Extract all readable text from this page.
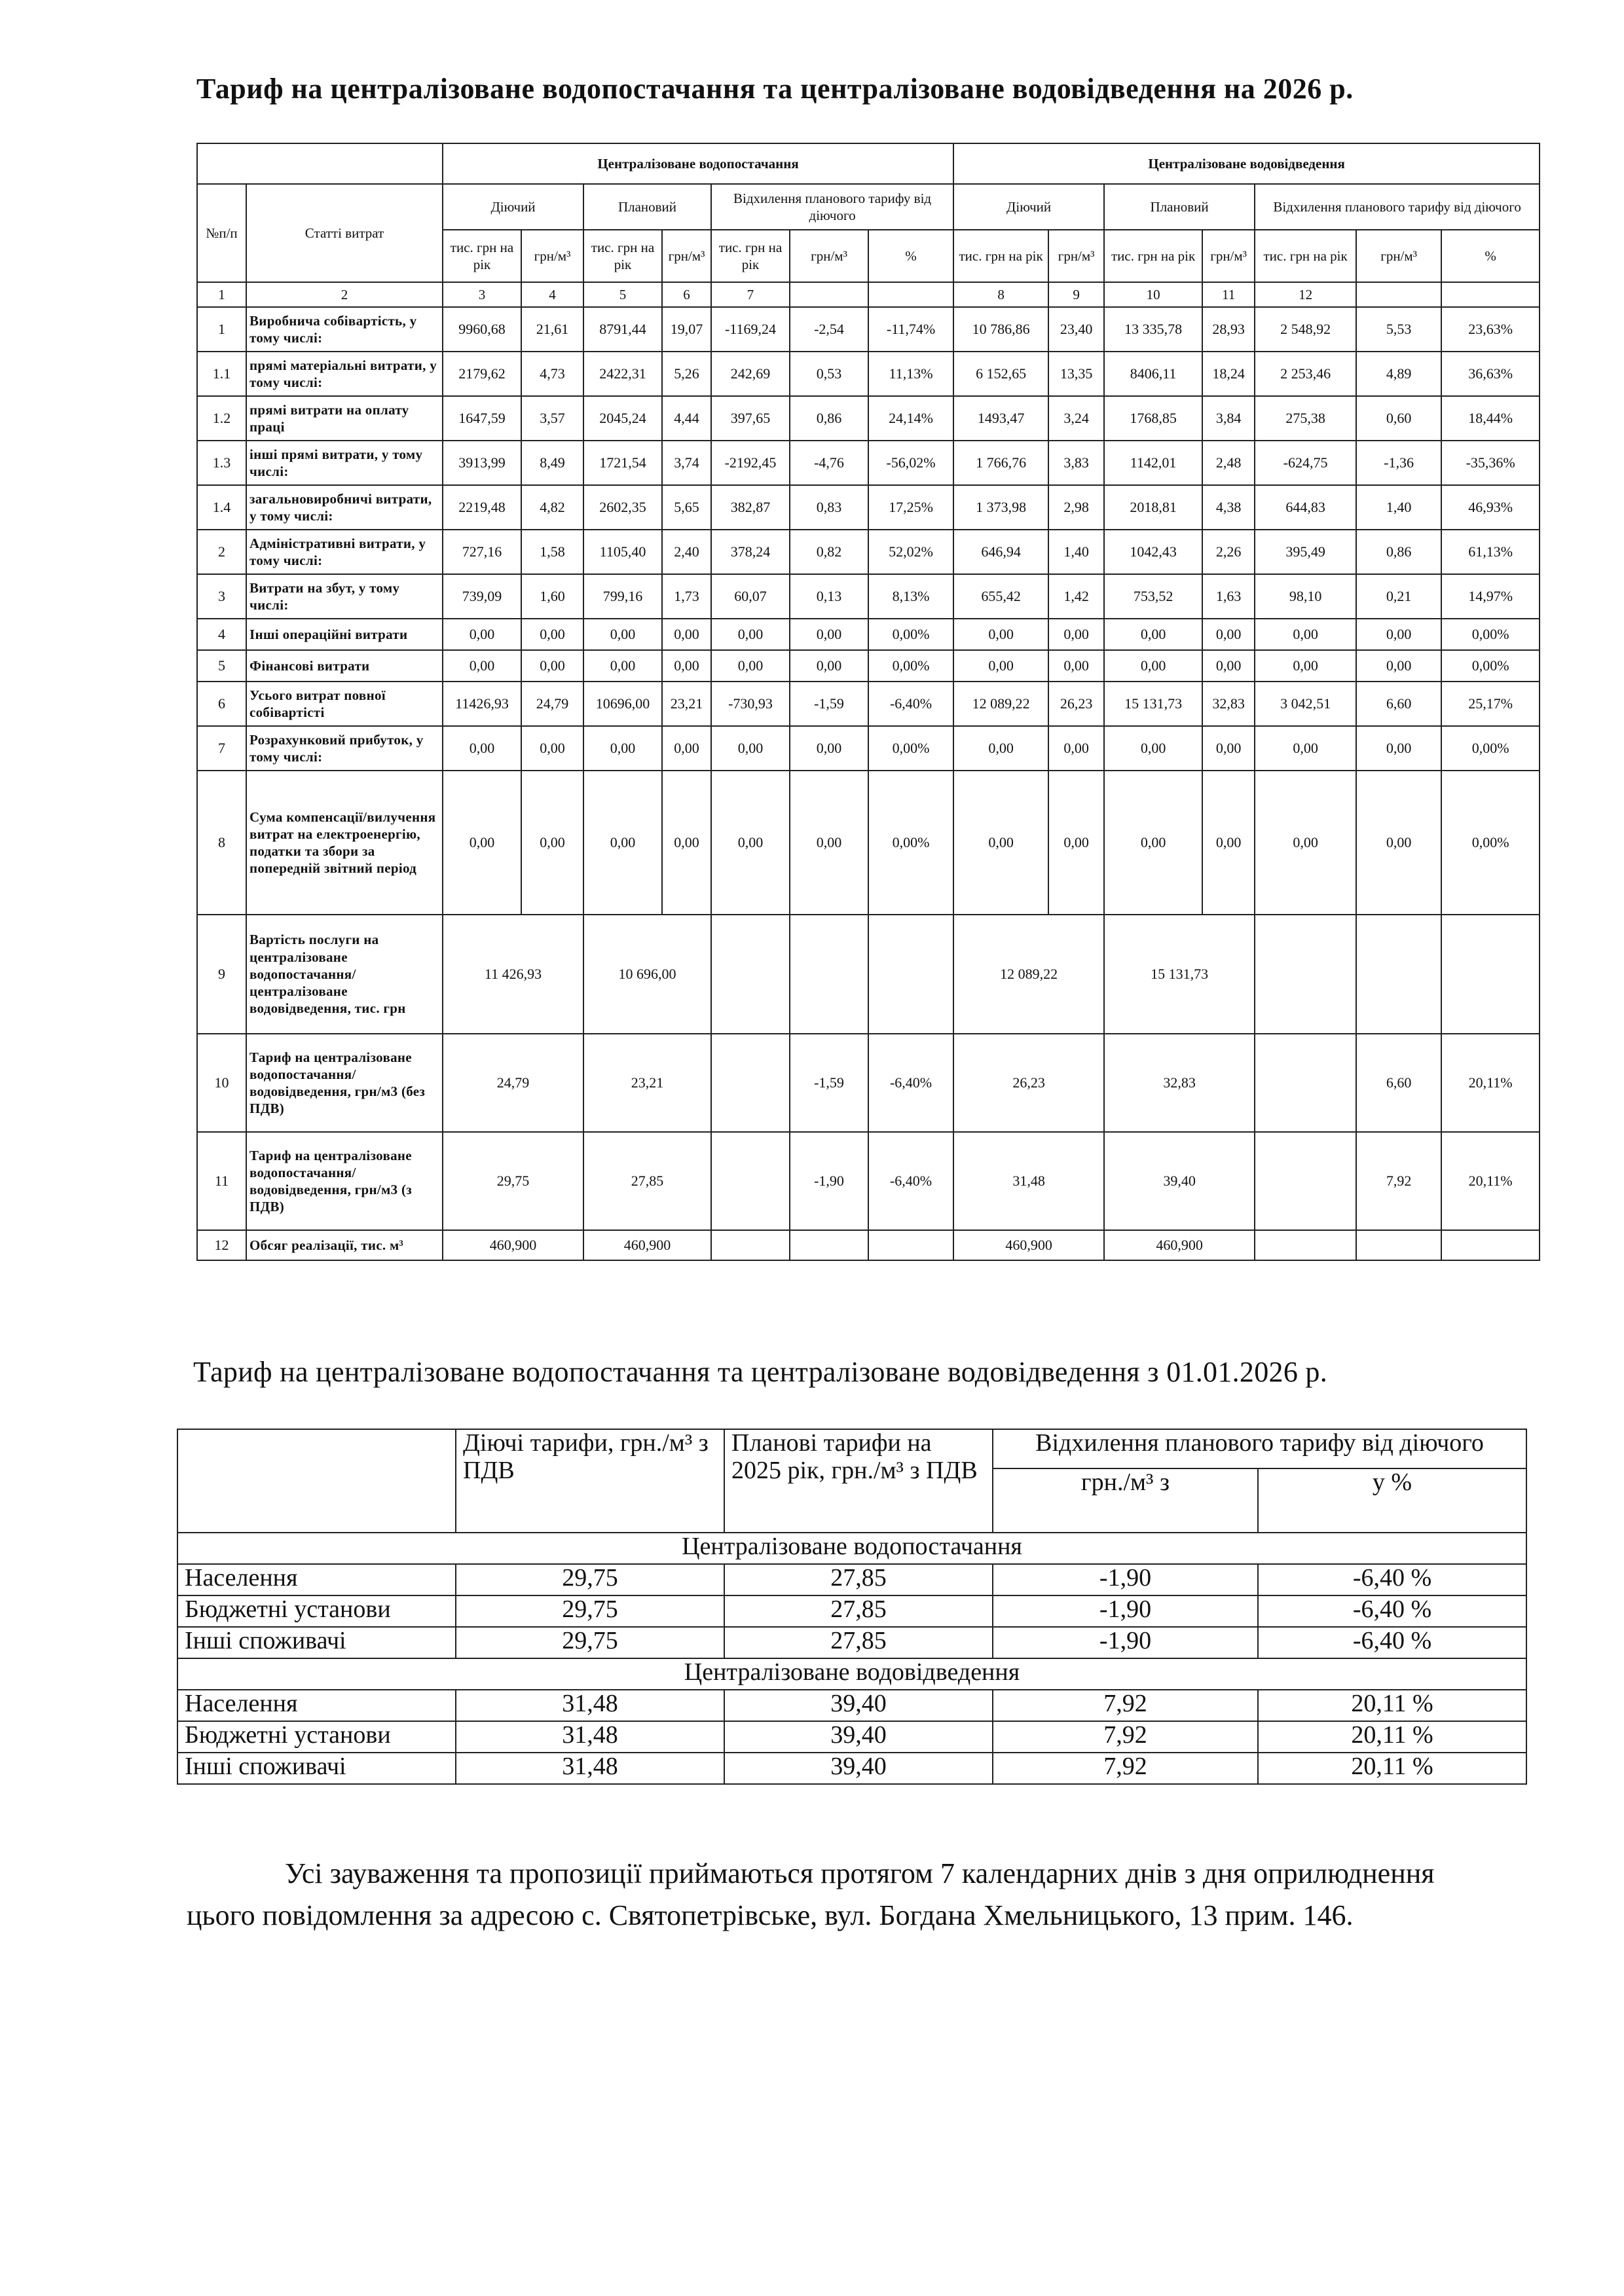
Тариф на централізоване водопостачання та централізоване водовідведення на 2026 р.
		Централізоване водопостачання							Централізоване водовідведення						
№п/п	Статті витрат	Діючий		Плановий		Відхилення планового тарифу від діючого			Діючий		Плановий		Відхилення планового тарифу від діючого		
		тис. грн на рік	грн/м³	тис. грн на рік	грн/м³	тис. грн на рік	грн/м³	%	тис. грн на рік	грн/м³	тис. грн на рік	грн/м³	тис. грн на рік	грн/м³	%
1	2	3	4	5	6	7			8	9	10	11	12		
1	Виробнича собівартість, у тому числі:	9960,68	21,61	8791,44	19,07	-1169,24	-2,54	-11,74%	10 786,86	23,40	13 335,78	28,93	2 548,92	5,53	23,63%
1.1	прямі матеріальні витрати, у тому числі:	2179,62	4,73	2422,31	5,26	242,69	0,53	11,13%	6 152,65	13,35	8406,11	18,24	2 253,46	4,89	36,63%
1.2	прямі витрати на оплату праці	1647,59	3,57	2045,24	4,44	397,65	0,86	24,14%	1493,47	3,24	1768,85	3,84	275,38	0,60	18,44%
1.3	інші прямі витрати, у тому числі:	3913,99	8,49	1721,54	3,74	-2192,45	-4,76	-56,02%	1 766,76	3,83	1142,01	2,48	-624,75	-1,36	-35,36%
1.4	загальновиробничі витрати, у тому числі:	2219,48	4,82	2602,35	5,65	382,87	0,83	17,25%	1 373,98	2,98	2018,81	4,38	644,83	1,40	46,93%
2	Адміністративні витрати, у тому числі:	727,16	1,58	1105,40	2,40	378,24	0,82	52,02%	646,94	1,40	1042,43	2,26	395,49	0,86	61,13%
3	Витрати на збут, у тому числі:	739,09	1,60	799,16	1,73	60,07	0,13	8,13%	655,42	1,42	753,52	1,63	98,10	0,21	14,97%
4	Інші операційні витрати	0,00	0,00	0,00	0,00	0,00	0,00	0,00%	0,00	0,00	0,00	0,00	0,00	0,00	0,00%
5	Фінансові витрати	0,00	0,00	0,00	0,00	0,00	0,00	0,00%	0,00	0,00	0,00	0,00	0,00	0,00	0,00%
6	Усього витрат повної собівартісті	11426,93	24,79	10696,00	23,21	-730,93	-1,59	-6,40%	12 089,22	26,23	15 131,73	32,83	3 042,51	6,60	25,17%
7	Розрахунковий прибуток, у тому числі:	0,00	0,00	0,00	0,00	0,00	0,00	0,00%	0,00	0,00	0,00	0,00	0,00	0,00	0,00%
8	Сума компенсації/вилучення витрат на електроенергію, податки та збори за попередній звітний період	0,00	0,00	0,00	0,00	0,00	0,00	0,00%	0,00	0,00	0,00	0,00	0,00	0,00	0,00%
9	Вартість послуги на централізоване водопостачання/централізоване водовідведення, тис. грн	11 426,93		10 696,00					12 089,22		15 131,73				
10	Тариф на централізоване водопостачання/водовідведення, грн/м3 (без ПДВ)	24,79		23,21			-1,59	-6,40%	26,23		32,83			6,60	20,11%
11	Тариф на централізоване водопостачання/водовідведення, грн/м3 (з ПДВ)	29,75		27,85			-1,90	-6,40%	31,48		39,40			7,92	20,11%
12	Обсяг реалізації, тис. м³	460,900		460,900					460,900		460,900				
Тариф на централізоване водопостачання та централізоване водовідведення з 01.01.2026 р.
	Діючі тарифи, грн./м³ з ПДВ	Планові тарифи на 2025 рік, грн./м³ з ПДВ	Відхилення планового тарифу від діючого	
			грн./м³ з	у %
Централізоване водопостачання				
Населення	29,75	27,85	-1,90	-6,40 %
Бюджетні установи	29,75	27,85	-1,90	-6,40 %
Інші споживачі	29,75	27,85	-1,90	-6,40 %
Централізоване водовідведення				
Населення	31,48	39,40	7,92	20,11 %
Бюджетні установи	31,48	39,40	7,92	20,11 %
Інші споживачі	31,48	39,40	7,92	20,11 %
Усі зауваження та пропозиції приймаються протягом 7 календарних днів з дня оприлюднення цього повідомлення за адресою с. Святопетрівське, вул. Богдана Хмельницького, 13 прим. 146.
